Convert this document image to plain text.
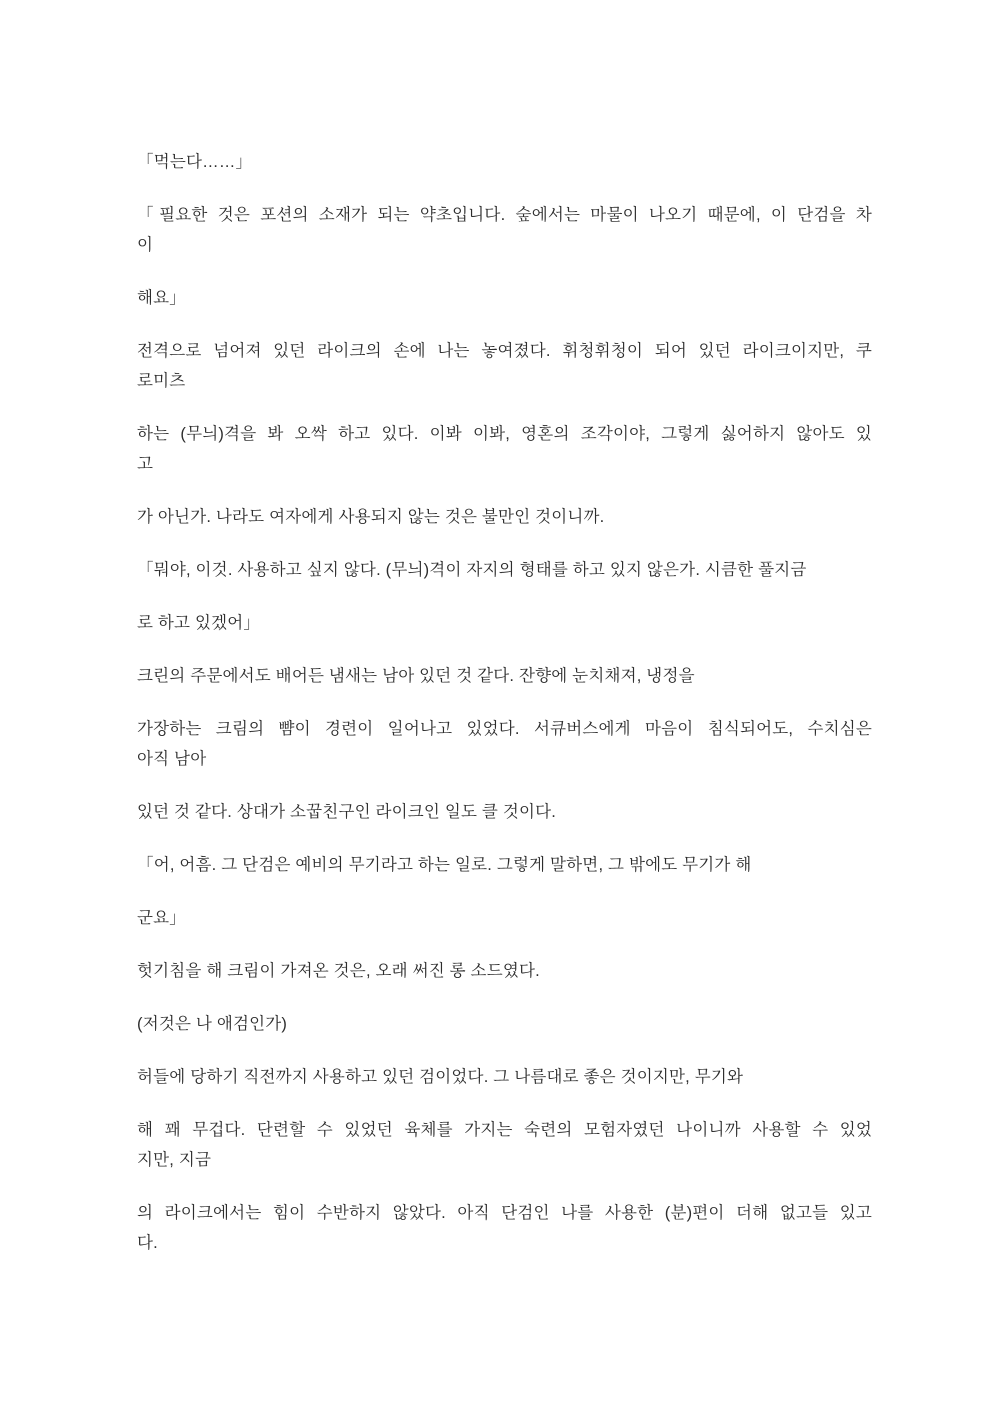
「먹는다……」
「필요한 것은 포션의 소재가 되는 약초입니다. 숲에서는 마물이 나오기 때문에, 이 단검을 차
이
해요」
전격으로 넘어져 있던 라이크의 손에 나는 놓여졌다. 휘청휘청이 되어 있던 라이크이지만, 쿠
로미츠
하는 (무늬)격을 봐 오싹 하고 있다. 이봐 이봐, 영혼의 조각이야, 그렇게 싫어하지 않아도 있
고
가 아닌가. 나라도 여자에게 사용되지 않는 것은 불만인 것이니까.
「뭐야, 이것. 사용하고 싶지 않다. (무늬)격이 자지의 형태를 하고 있지 않은가. 시큼한 풀지금
로 하고 있겠어」
크린의 주문에서도 배어든 냄새는 남아 있던 것 같다. 잔향에 눈치채져, 냉정을
가장하는 크림의 뺨이 경련이 일어나고 있었다. 서큐버스에게 마음이 침식되어도, 수치심은
아직 남아
있던 것 같다. 상대가 소꿉친구인 라이크인 일도 클 것이다.
「어, 어흠. 그 단검은 예비의 무기라고 하는 일로. 그렇게 말하면, 그 밖에도 무기가 해
군요」
헛기침을 해 크림이 가져온 것은, 오래 써진 롱 소드였다.
(저것은 나 애검인가)
허들에 당하기 직전까지 사용하고 있던 검이었다. 그 나름대로 좋은 것이지만, 무기와
해 꽤 무겁다. 단련할 수 있었던 육체를 가지는 숙련의 모험자였던 나이니까 사용할 수 있었
지만, 지금
의 라이크에서는 힘이 수반하지 않았다. 아직 단검인 나를 사용한 (분)편이 더해 없고들 있고
다.
